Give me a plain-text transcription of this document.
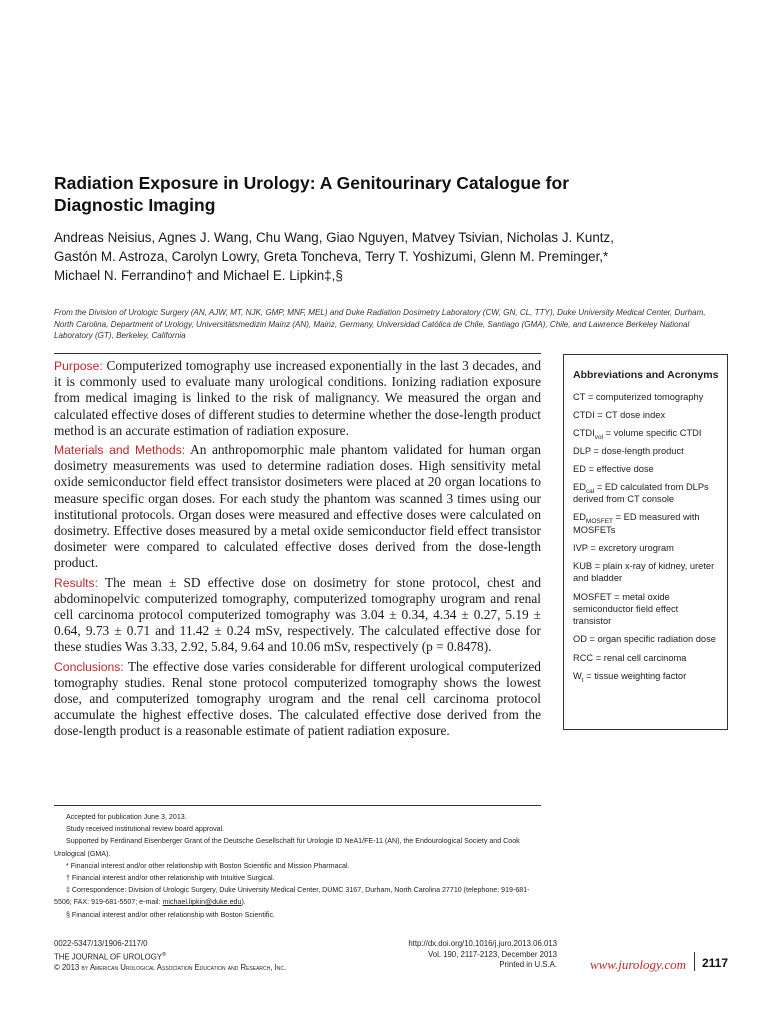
Radiation Exposure in Urology: A Genitourinary Catalogue for Diagnostic Imaging
Andreas Neisius, Agnes J. Wang, Chu Wang, Giao Nguyen, Matvey Tsivian, Nicholas J. Kuntz, Gastón M. Astroza, Carolyn Lowry, Greta Toncheva, Terry T. Yoshizumi, Glenn M. Preminger,* Michael N. Ferrandino† and Michael E. Lipkin‡,§
From the Division of Urologic Surgery (AN, AJW, MT, NJK, GMP, MNF, MEL) and Duke Radiation Dosimetry Laboratory (CW, GN, CL, TTY), Duke University Medical Center, Durham, North Carolina, Department of Urology, Universitätsmedizin Mainz (AN), Mainz, Germany, Universidad Católica de Chile, Santiago (GMA), Chile, and Lawrence Berkeley National Laboratory (GT), Berkeley, California

Purpose: Computerized tomography use increased exponentially in the last 3 decades, and it is commonly used to evaluate many urological conditions. Ionizing radiation exposure from medical imaging is linked to the risk of malignancy. We measured the organ and calculated effective doses of different studies to determine whether the dose-length product method is an accurate estimation of radiation exposure.

Materials and Methods: An anthropomorphic male phantom validated for human organ dosimetry measurements was used to determine radiation doses. High sensitivity metal oxide semiconductor field effect transistor dosimeters were placed at 20 organ locations to measure specific organ doses. For each study the phantom was scanned 3 times using our institutional protocols. Organ doses were measured and effective doses were calculated on dosimetry. Effective doses measured by a metal oxide semiconductor field effect transistor dosimeter were compared to calculated effective doses derived from the dose-length product.

Results: The mean ± SD effective dose on dosimetry for stone protocol, chest and abdominopelvic computerized tomography, computerized tomography urogram and renal cell carcinoma protocol computerized tomography was 3.04 ± 0.34, 4.34 ± 0.27, 5.19 ± 0.64, 9.73 ± 0.71 and 11.42 ± 0.24 mSv, respectively. The calculated effective dose for these studies Was 3.33, 2.92, 5.84, 9.64 and 10.06 mSv, respectively (p = 0.8478).

Conclusions: The effective dose varies considerable for different urological computerized tomography studies. Renal stone protocol computerized tomography shows the lowest dose, and computerized tomography urogram and the renal cell carcinoma protocol accumulate the highest effective doses. The calculated effective dose derived from the dose-length product is a reasonable estimate of patient radiation exposure.

Abbreviations and Acronyms
CT = computerized tomography
CTDI = CT dose index
$CTDI_{vol}$ = volume specific CTDI
DLP = dose-length product
ED = effective dose
$ED_{cal}$ = ED calculated from DLPs derived from CT console
$ED_{MOSFET}$ = ED measured with MOSFETs
IVP = excretory urogram
KUB = plain x-ray of kidney, ureter and bladder
MOSFET = metal oxide semiconductor field effect transistor
OD = organ specific radiation dose
RCC = renal cell carcinoma
$W_t$ = tissue weighting factor

Accepted for publication June 3, 2013.

Study received institutional review board approval.

Supported by Ferdinand Eisenberger Grant of the Deutsche Gesellschaft für Urologie ID NeA1/FE-11 (AN), the Endourological Society and Cook Urological (GMA).

* Financial interest and/or other relationship with Boston Scientific and Mission Pharmacal.

† Financial interest and/or other relationship with Intuitive Surgical.

‡ Correspondence: Division of Urologic Surgery, Duke University Medical Center, DUMC 3167, Durham, North Carolina 27710 (telephone: 919-681-5506; FAX: 919-681-5507; e-mail: michael.lipkin@duke.edu).

§ Financial interest and/or other relationship with Boston Scientific.

0022-5347/13/1906-2117/0
THE JOURNAL OF UROLOGY®
© 2013 by American Urological Association Education and Research, Inc.
http://dx.doi.org/10.1016/j.juro.2013.06.013
Vol. 190, 2117-2123, December 2013
Printed in U.S.A.	www.jurology.com 2117
